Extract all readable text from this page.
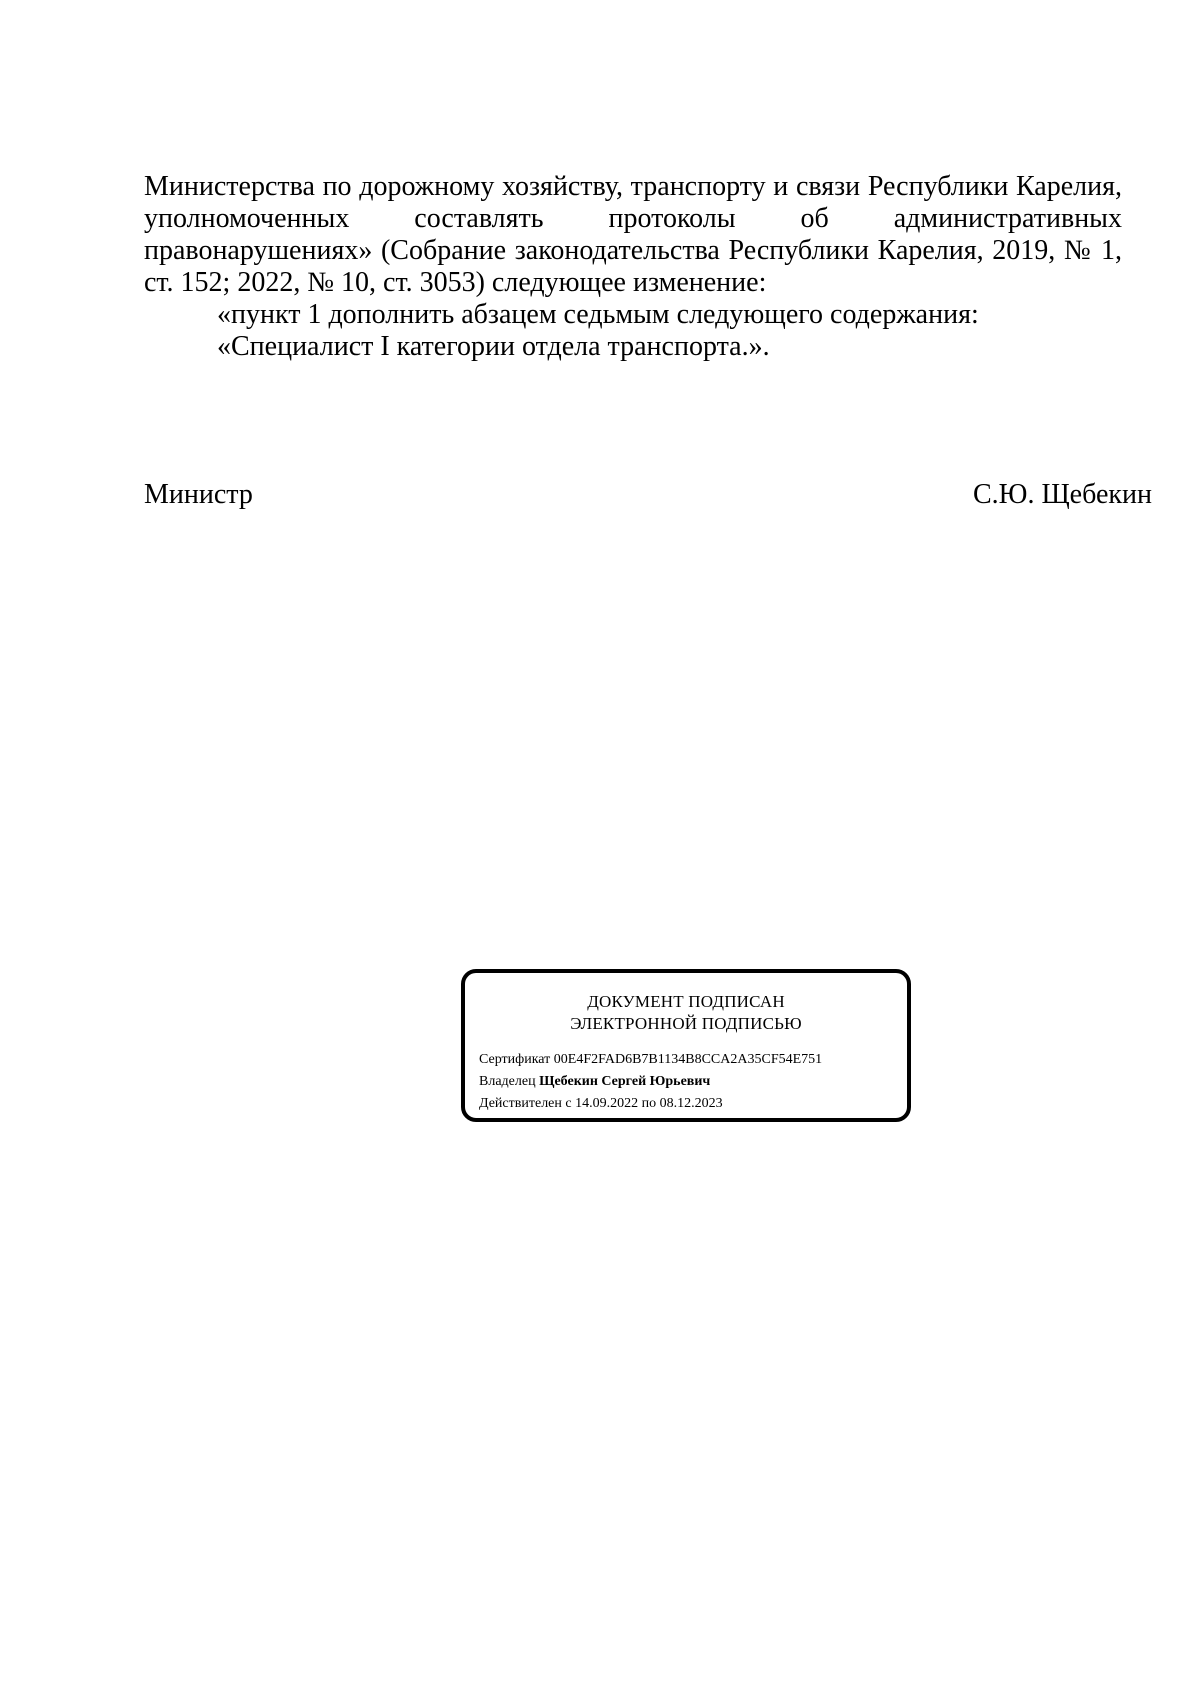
Министерства по дорожному хозяйству, транспорту и связи Республики Карелия, уполномоченных составлять протоколы об административных правонарушениях» (Собрание законодательства Республики Карелия, 2019, № 1, ст. 152; 2022, № 10, ст. 3053) следующее изменение:

«пункт 1 дополнить абзацем седьмым следующего содержания:

«Специалист I категории отдела транспорта.».

Министр	С.Ю. Щебекин
ДОКУМЕНТ ПОДПИСАН
ЭЛЕКТРОННОЙ ПОДПИСЬЮ
Сертификат 00E4F2FAD6B7B1134B8CCA2A35CF54E751
Владелец Щебекин Сергей Юрьевич
Действителен с 14.09.2022 по 08.12.2023
